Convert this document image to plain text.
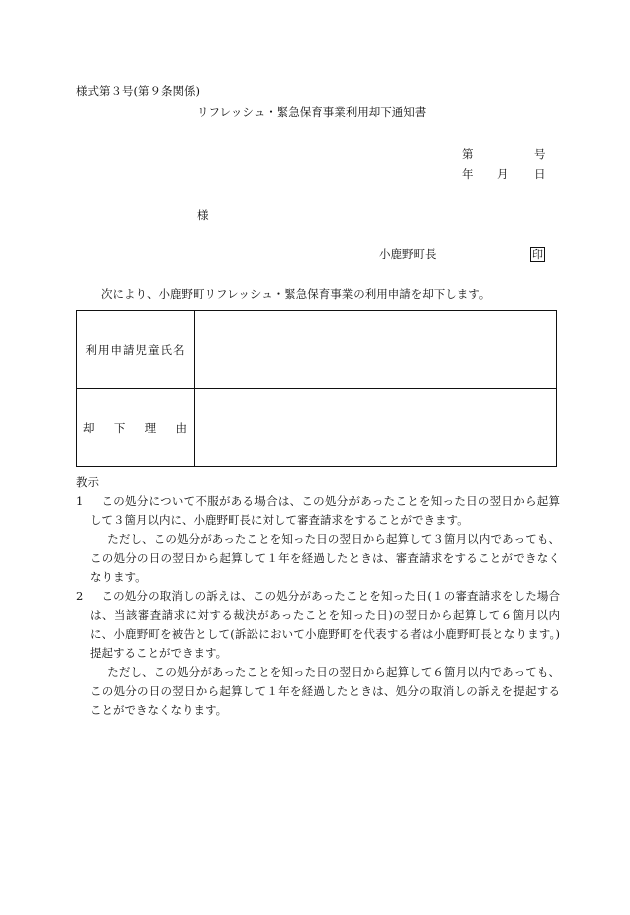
様式第３号(第９条関係)
リフレッシュ・緊急保育事業利用却下通知書
第	号
年 月 日
様
小鹿野町長	印
次により、小鹿野町リフレッシュ・緊急保育事業の利用申請を却下します。
利用申請児童氏名	

却 下 理 由	

教示
1	この処分について不服がある場合は、この処分があったことを知った日の翌日から起算して３箇月以内に、小鹿野町長に対して審査請求をすることができます。
ただし、この処分があったことを知った日の翌日から起算して３箇月以内であっても、この処分の日の翌日から起算して１年を経過したときは、審査請求をすることができなくなります。
2	この処分の取消しの訴えは、この処分があったことを知った日(１の審査請求をした場合は、当該審査請求に対する裁決があったことを知った日)の翌日から起算して６箇月以内に、小鹿野町を被告として(訴訟において小鹿野町を代表する者は小鹿野町長となります。)提起することができます。
ただし、この処分があったことを知った日の翌日から起算して６箇月以内であっても、この処分の日の翌日から起算して１年を経過したときは、処分の取消しの訴えを提起することができなくなります。
